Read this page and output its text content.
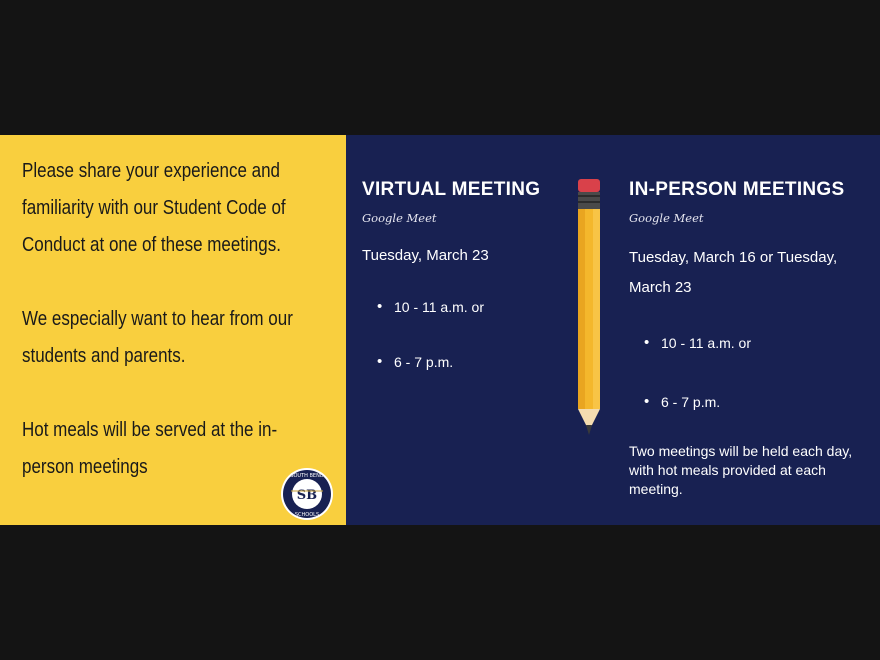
Please share your experience and familiarity with our Student Code of Conduct at one of these meetings.

We especially want to hear from our students and parents.

Hot meals will be served at the in-person meetings

SB
SOUTH BEND
SCHOOLS
VIRTUAL MEETING
Google Meet
Tuesday, March 23
• 10 - 11 a.m. or
• 6 - 7 p.m.
IN-PERSON MEETINGS
Google Meet
Tuesday, March 16 or Tuesday, March 23
• 10 - 11 a.m. or
• 6 - 7 p.m.
Two meetings will be held each day, with hot meals provided at each meeting.
